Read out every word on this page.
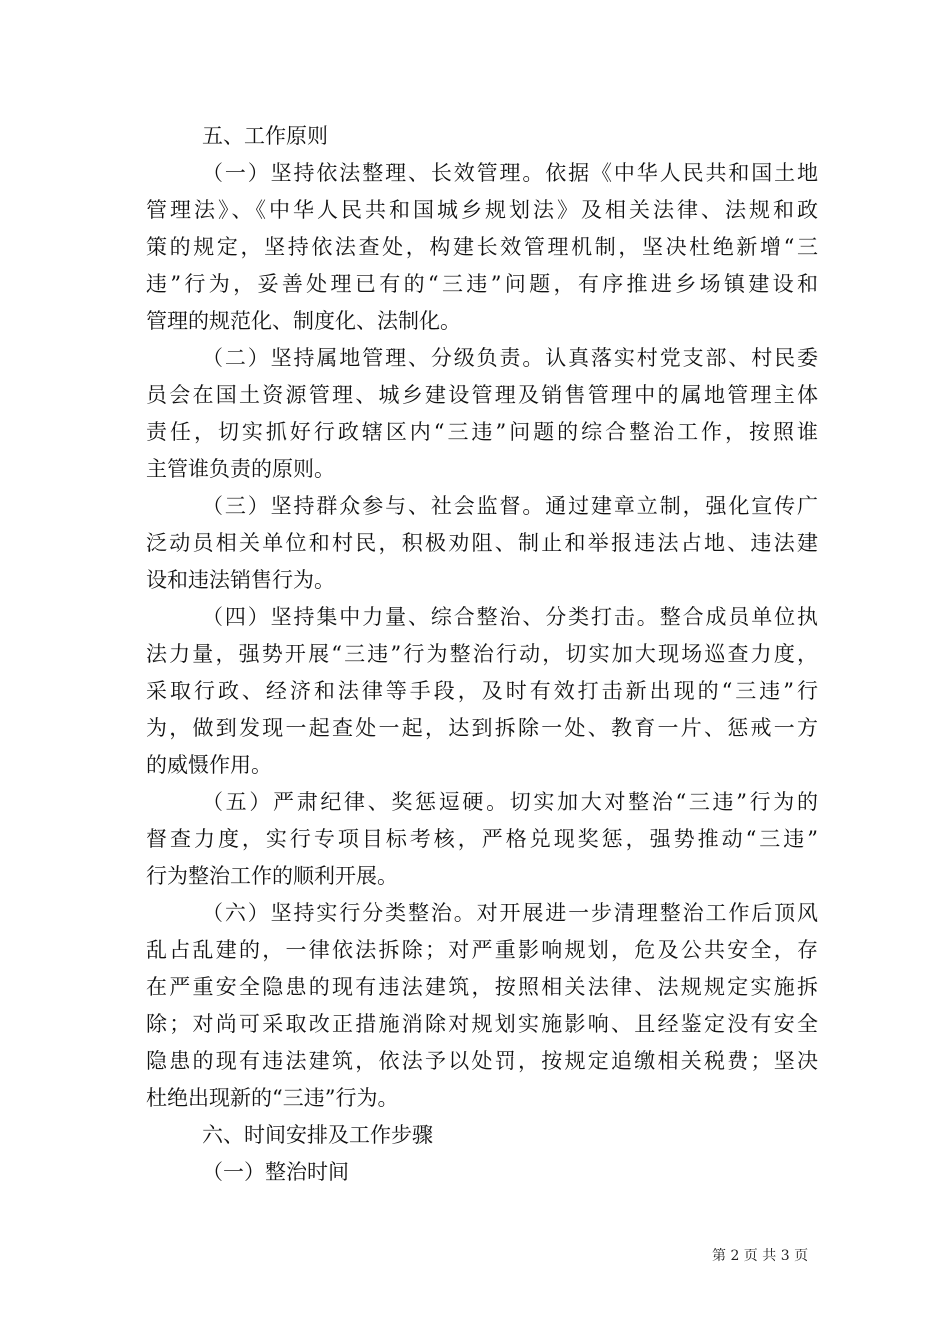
五、工作原则
（一）坚持依法整理、长效管理。依据《中华人民共和国土地
管理法》、《中华人民共和国城乡规划法》及相关法律、法规和政
策的规定，坚持依法查处，构建长效管理机制，坚决杜绝新增“三
违”行为，妥善处理已有的“三违”问题，有序推进乡场镇建设和
管理的规范化、制度化、法制化。
（二）坚持属地管理、分级负责。认真落实村党支部、村民委
员会在国土资源管理、城乡建设管理及销售管理中的属地管理主体
责任，切实抓好行政辖区内“三违”问题的综合整治工作，按照谁
主管谁负责的原则。
（三）坚持群众参与、社会监督。通过建章立制，强化宣传广
泛动员相关单位和村民，积极劝阻、制止和举报违法占地、违法建
设和违法销售行为。
（四）坚持集中力量、综合整治、分类打击。整合成员单位执
法力量，强势开展“三违”行为整治行动，切实加大现场巡查力度，
采取行政、经济和法律等手段，及时有效打击新出现的“三违”行
为，做到发现一起查处一起，达到拆除一处、教育一片、惩戒一方
的威慑作用。
（五）严肃纪律、奖惩逗硬。切实加大对整治“三违”行为的
督查力度，实行专项目标考核，严格兑现奖惩，强势推动“三违”
行为整治工作的顺利开展。
（六）坚持实行分类整治。对开展进一步清理整治工作后顶风
乱占乱建的，一律依法拆除；对严重影响规划，危及公共安全，存
在严重安全隐患的现有违法建筑，按照相关法律、法规规定实施拆
除；对尚可采取改正措施消除对规划实施影响、且经鉴定没有安全
隐患的现有违法建筑，依法予以处罚，按规定追缴相关税费；坚决
杜绝出现新的“三违”行为。
六、时间安排及工作步骤
（一）整治时间
第 2 页 共 3 页
